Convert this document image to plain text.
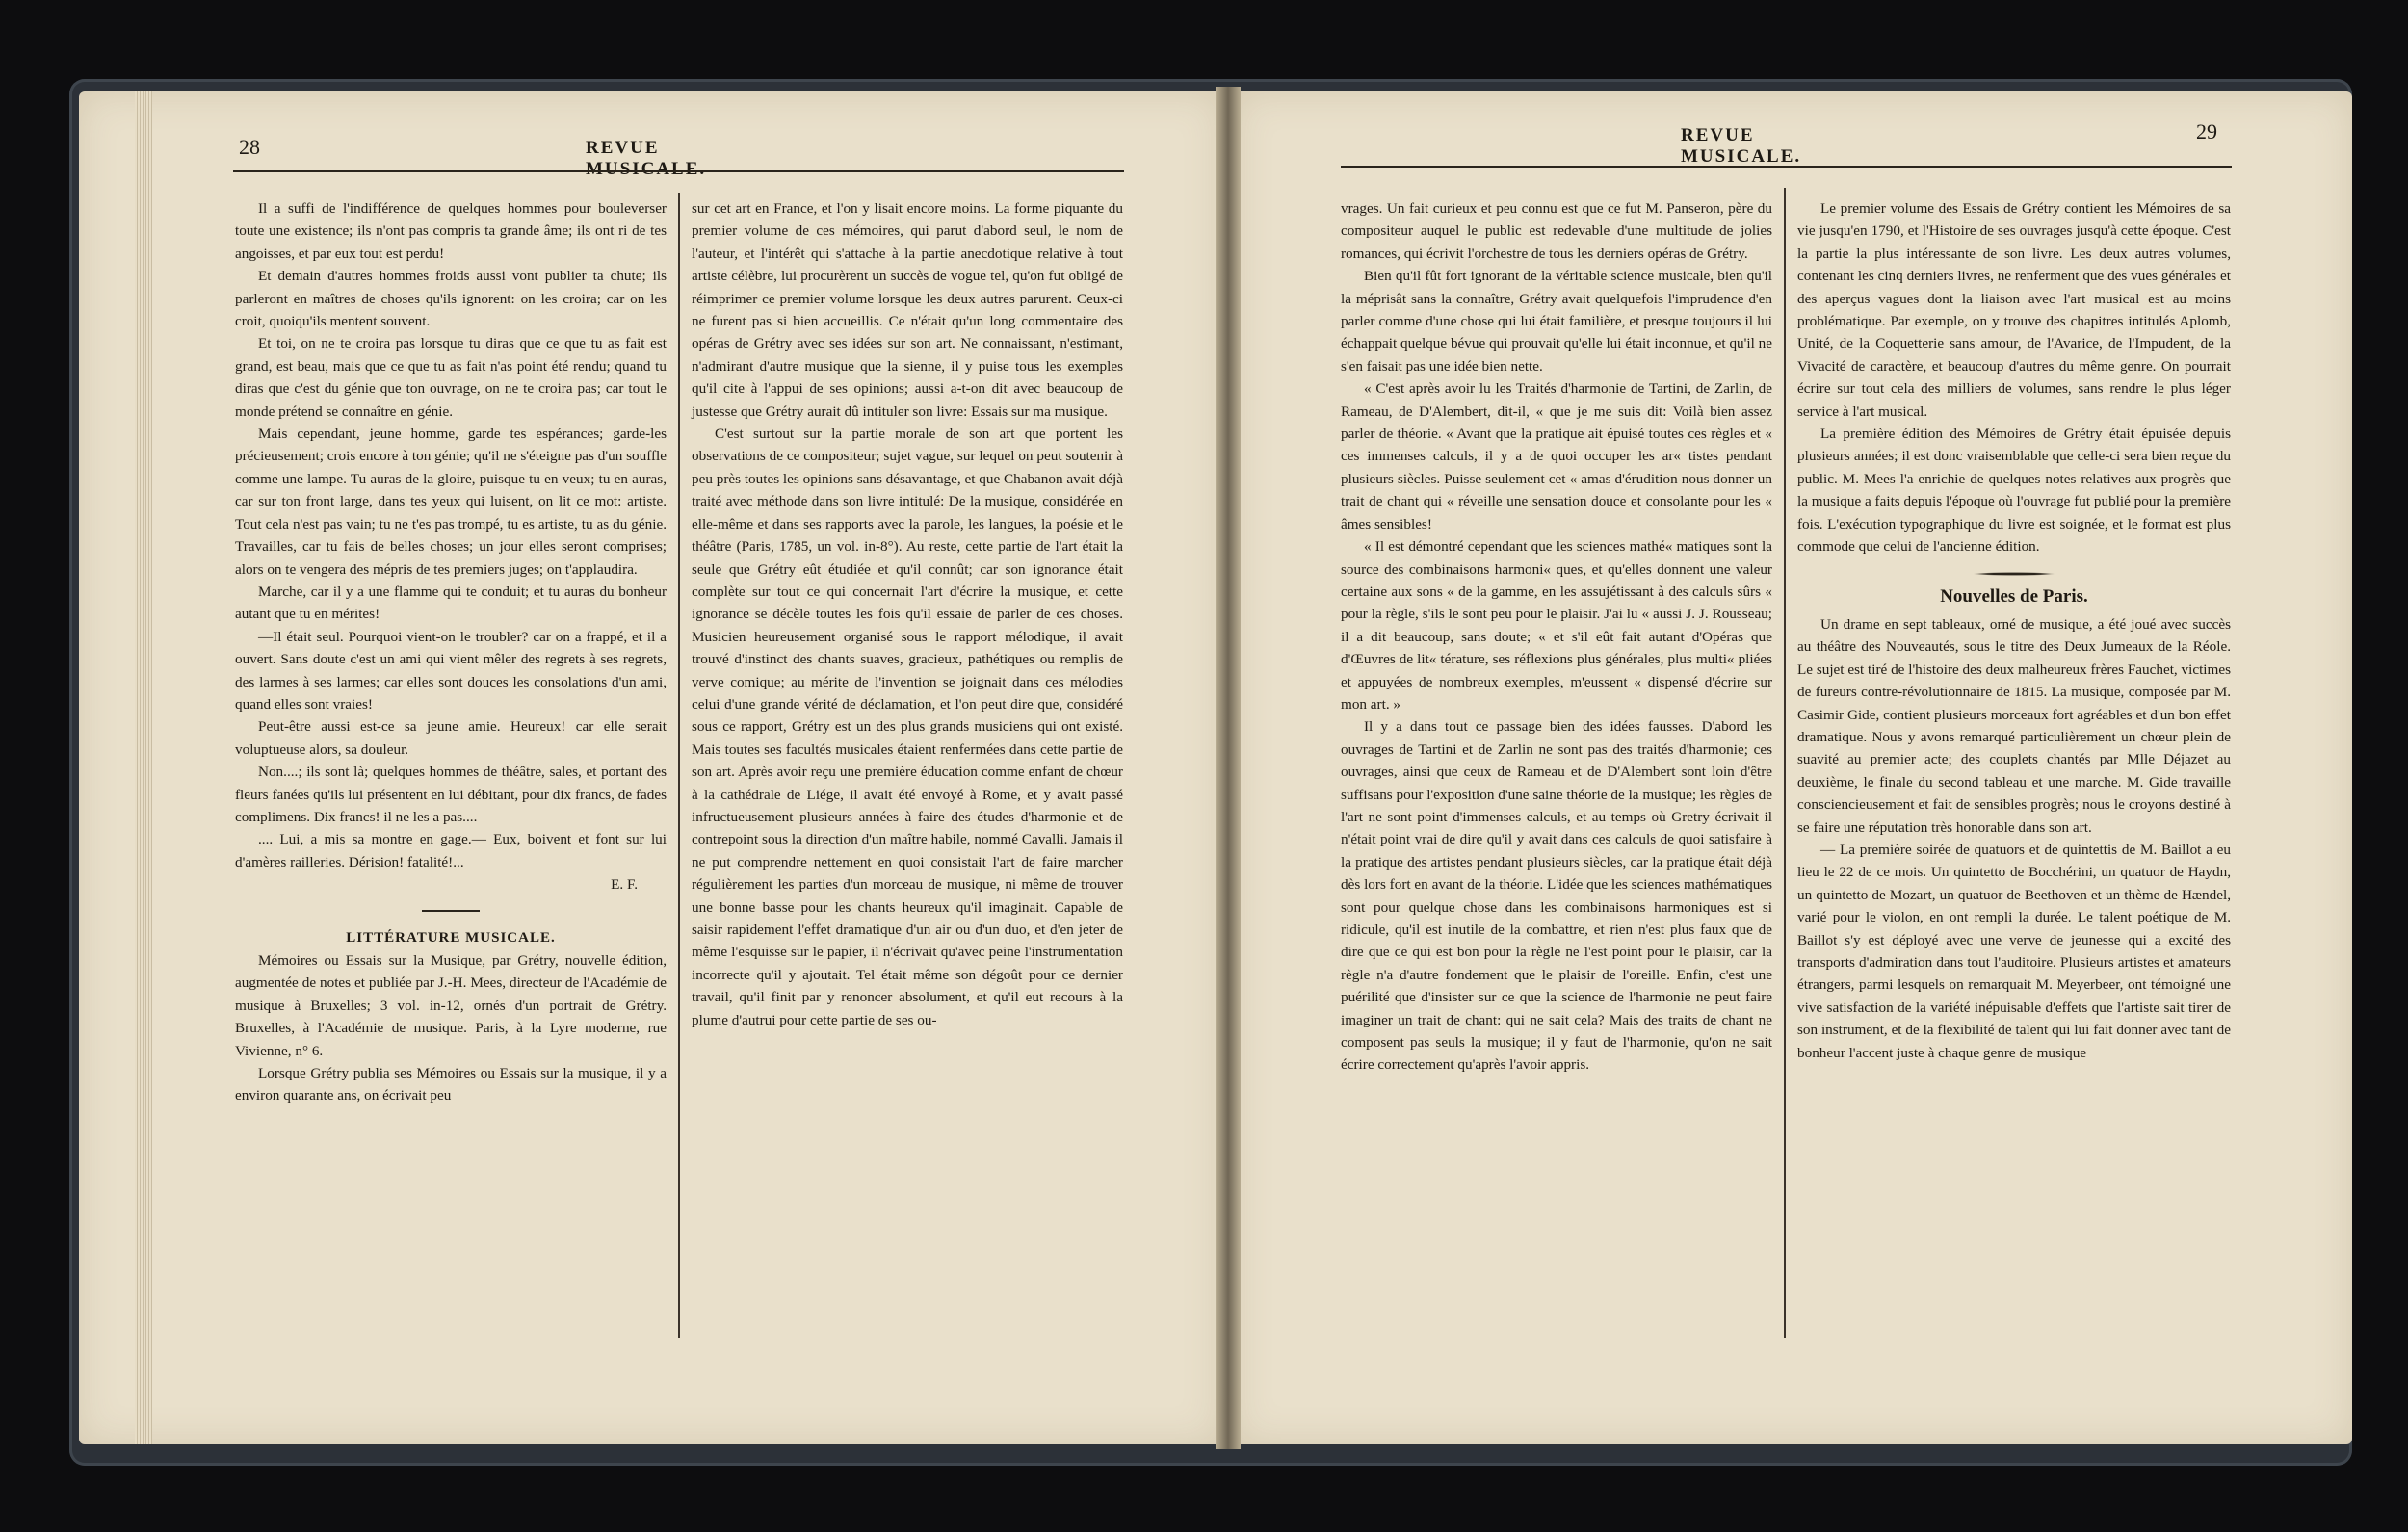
28	REVUE MUSICALE.
REVUE MUSICALE.
29

Il a suffi de l'indifférence de quelques hommes pour bouleverser toute une existence; ils n'ont pas compris ta grande âme; ils ont ri de tes angoisses, et par eux tout est perdu!

Et demain d'autres hommes froids aussi vont publier ta chute; ils parleront en maîtres de choses qu'ils ignorent: on les croira; car on les croit, quoiqu'ils mentent souvent.

Et toi, on ne te croira pas lorsque tu diras que ce que tu as fait est grand, est beau, mais que ce que tu as fait n'as point été rendu; quand tu diras que c'est du génie que ton ouvrage, on ne te croira pas; car tout le monde prétend se connaître en génie.

Mais cependant, jeune homme, garde tes espérances; garde-les précieusement; crois encore à ton génie; qu'il ne s'éteigne pas d'un souffle comme une lampe. Tu auras de la gloire, puisque tu en veux; tu en auras, car sur ton front large, dans tes yeux qui luisent, on lit ce mot: artiste. Tout cela n'est pas vain; tu ne t'es pas trompé, tu es artiste, tu as du génie. Travailles, car tu fais de belles choses; un jour elles seront comprises; alors on te vengera des mépris de tes premiers juges; on t'applaudira.

Marche, car il y a une flamme qui te conduit; et tu auras du bonheur autant que tu en mérites!

—Il était seul. Pourquoi vient-on le troubler? car on a frappé, et il a ouvert. Sans doute c'est un ami qui vient mêler des regrets à ses regrets, des larmes à ses larmes; car elles sont douces les consolations d'un ami, quand elles sont vraies!

Peut-être aussi est-ce sa jeune amie. Heureux! car elle serait voluptueuse alors, sa douleur.

Non....; ils sont là; quelques hommes de théâtre, sales, et portant des fleurs fanées qu'ils lui présentent en lui débitant, pour dix francs, de fades complimens. Dix francs! il ne les a pas....

.... Lui, a mis sa montre en gage.— Eux, boivent et font sur lui d'amères railleries. Dérision! fatalité!...

E. F.

LITTÉRATURE MUSICALE.

Mémoires ou Essais sur la Musique, par Grétry, nouvelle édition, augmentée de notes et publiée par J.-H. Mees, directeur de l'Académie de musique à Bruxelles; 3 vol. in-12, ornés d'un portrait de Grétry. Bruxelles, à l'Académie de musique. Paris, à la Lyre moderne, rue Vivienne, n° 6.

Lorsque Grétry publia ses Mémoires ou Essais sur la musique, il y a environ quarante ans, on écrivait peu

sur cet art en France, et l'on y lisait encore moins. La forme piquante du premier volume de ces mémoires, qui parut d'abord seul, le nom de l'auteur, et l'intérêt qui s'attache à la partie anecdotique relative à tout artiste célèbre, lui procurèrent un succès de vogue tel, qu'on fut obligé de réimprimer ce premier volume lorsque les deux autres parurent. Ceux-ci ne furent pas si bien accueillis. Ce n'était qu'un long commentaire des opéras de Grétry avec ses idées sur son art. Ne connaissant, n'estimant, n'admirant d'autre musique que la sienne, il y puise tous les exemples qu'il cite à l'appui de ses opinions; aussi a-t-on dit avec beaucoup de justesse que Grétry aurait dû intituler son livre: Essais sur ma musique.

C'est surtout sur la partie morale de son art que portent les observations de ce compositeur; sujet vague, sur lequel on peut soutenir à peu près toutes les opinions sans désavantage, et que Chabanon avait déjà traité avec méthode dans son livre intitulé: De la musique, considérée en elle-même et dans ses rapports avec la parole, les langues, la poésie et le théâtre (Paris, 1785, un vol. in-8°). Au reste, cette partie de l'art était la seule que Grétry eût étudiée et qu'il connût; car son ignorance était complète sur tout ce qui concernait l'art d'écrire la musique, et cette ignorance se décèle toutes les fois qu'il essaie de parler de ces choses. Musicien heureusement organisé sous le rapport mélodique, il avait trouvé d'instinct des chants suaves, gracieux, pathétiques ou remplis de verve comique; au mérite de l'invention se joignait dans ces mélodies celui d'une grande vérité de déclamation, et l'on peut dire que, considéré sous ce rapport, Grétry est un des plus grands musiciens qui ont existé. Mais toutes ses facultés musicales étaient renfermées dans cette partie de son art. Après avoir reçu une première éducation comme enfant de chœur à la cathédrale de Liége, il avait été envoyé à Rome, et y avait passé infructueusement plusieurs années à faire des études d'harmonie et de contrepoint sous la direction d'un maître habile, nommé Cavalli. Jamais il ne put comprendre nettement en quoi consistait l'art de faire marcher régulièrement les parties d'un morceau de musique, ni même de trouver une bonne basse pour les chants heureux qu'il imaginait. Capable de saisir rapidement l'effet dramatique d'un air ou d'un duo, et d'en jeter de même l'esquisse sur le papier, il n'écrivait qu'avec peine l'instrumentation incorrecte qu'il y ajoutait. Tel était même son dégoût pour ce dernier travail, qu'il finit par y renoncer absolument, et qu'il eut recours à la plume d'autrui pour cette partie de ses ou-

vrages. Un fait curieux et peu connu est que ce fut M. Panseron, père du compositeur auquel le public est redevable d'une multitude de jolies romances, qui écrivit l'orchestre de tous les derniers opéras de Grétry.

Bien qu'il fût fort ignorant de la véritable science musicale, bien qu'il la méprisât sans la connaître, Grétry avait quelquefois l'imprudence d'en parler comme d'une chose qui lui était familière, et presque toujours il lui échappait quelque bévue qui prouvait qu'elle lui était inconnue, et qu'il ne s'en faisait pas une idée bien nette.

« C'est après avoir lu les Traités d'harmonie de Tartini, de Zarlin, de Rameau, de D'Alembert, dit-il, « que je me suis dit: Voilà bien assez parler de théorie. « Avant que la pratique ait épuisé toutes ces règles et « ces immenses calculs, il y a de quoi occuper les ar« tistes pendant plusieurs siècles. Puisse seulement cet « amas d'érudition nous donner un trait de chant qui « réveille une sensation douce et consolante pour les « âmes sensibles!

« Il est démontré cependant que les sciences mathé« matiques sont la source des combinaisons harmoni« ques, et qu'elles donnent une valeur certaine aux sons « de la gamme, en les assujétissant à des calculs sûrs « pour la règle, s'ils le sont peu pour le plaisir. J'ai lu « aussi J. J. Rousseau; il a dit beaucoup, sans doute; « et s'il eût fait autant d'Opéras que d'Œuvres de lit« térature, ses réflexions plus générales, plus multi« pliées et appuyées de nombreux exemples, m'eussent « dispensé d'écrire sur mon art. »

Il y a dans tout ce passage bien des idées fausses. D'abord les ouvrages de Tartini et de Zarlin ne sont pas des traités d'harmonie; ces ouvrages, ainsi que ceux de Rameau et de D'Alembert sont loin d'être suffisans pour l'exposition d'une saine théorie de la musique; les règles de l'art ne sont point d'immenses calculs, et au temps où Gretry écrivait il n'était point vrai de dire qu'il y avait dans ces calculs de quoi satisfaire à la pratique des artistes pendant plusieurs siècles, car la pratique était déjà dès lors fort en avant de la théorie. L'idée que les sciences mathématiques sont pour quelque chose dans les combinaisons harmoniques est si ridicule, qu'il est inutile de la combattre, et rien n'est plus faux que de dire que ce qui est bon pour la règle ne l'est point pour le plaisir, car la règle n'a d'autre fondement que le plaisir de l'oreille. Enfin, c'est une puérilité que d'insister sur ce que la science de l'harmonie ne peut faire imaginer un trait de chant: qui ne sait cela? Mais des traits de chant ne composent pas seuls la musique; il y faut de l'harmonie, qu'on ne sait écrire correctement qu'après l'avoir appris.

Le premier volume des Essais de Grétry contient les Mémoires de sa vie jusqu'en 1790, et l'Histoire de ses ouvrages jusqu'à cette époque. C'est la partie la plus intéressante de son livre. Les deux autres volumes, contenant les cinq derniers livres, ne renferment que des vues générales et des aperçus vagues dont la liaison avec l'art musical est au moins problématique. Par exemple, on y trouve des chapitres intitulés Aplomb, Unité, de la Coquetterie sans amour, de l'Avarice, de l'Impudent, de la Vivacité de caractère, et beaucoup d'autres du même genre. On pourrait écrire sur tout cela des milliers de volumes, sans rendre le plus léger service à l'art musical.

La première édition des Mémoires de Grétry était épuisée depuis plusieurs années; il est donc vraisemblable que celle-ci sera bien reçue du public. M. Mees l'a enrichie de quelques notes relatives aux progrès que la musique a faits depuis l'époque où l'ouvrage fut publié pour la première fois. L'exécution typographique du livre est soignée, et le format est plus commode que celui de l'ancienne édition.

Nouvelles de Paris.

Un drame en sept tableaux, orné de musique, a été joué avec succès au théâtre des Nouveautés, sous le titre des Deux Jumeaux de la Réole. Le sujet est tiré de l'histoire des deux malheureux frères Fauchet, victimes de fureurs contre-révolutionnaire de 1815. La musique, composée par M. Casimir Gide, contient plusieurs morceaux fort agréables et d'un bon effet dramatique. Nous y avons remarqué particulièrement un chœur plein de suavité au premier acte; des couplets chantés par Mlle Déjazet au deuxième, le finale du second tableau et une marche. M. Gide travaille consciencieusement et fait de sensibles progrès; nous le croyons destiné à se faire une réputation très honorable dans son art.

— La première soirée de quatuors et de quintettis de M. Baillot a eu lieu le 22 de ce mois. Un quintetto de Bocchérini, un quatuor de Haydn, un quintetto de Mozart, un quatuor de Beethoven et un thème de Hændel, varié pour le violon, en ont rempli la durée. Le talent poétique de M. Baillot s'y est déployé avec une verve de jeunesse qui a excité des transports d'admiration dans tout l'auditoire. Plusieurs artistes et amateurs étrangers, parmi lesquels on remarquait M. Meyerbeer, ont témoigné une vive satisfaction de la variété inépuisable d'effets que l'artiste sait tirer de son instrument, et de la flexibilité de talent qui lui fait donner avec tant de bonheur l'accent juste à chaque genre de musique
